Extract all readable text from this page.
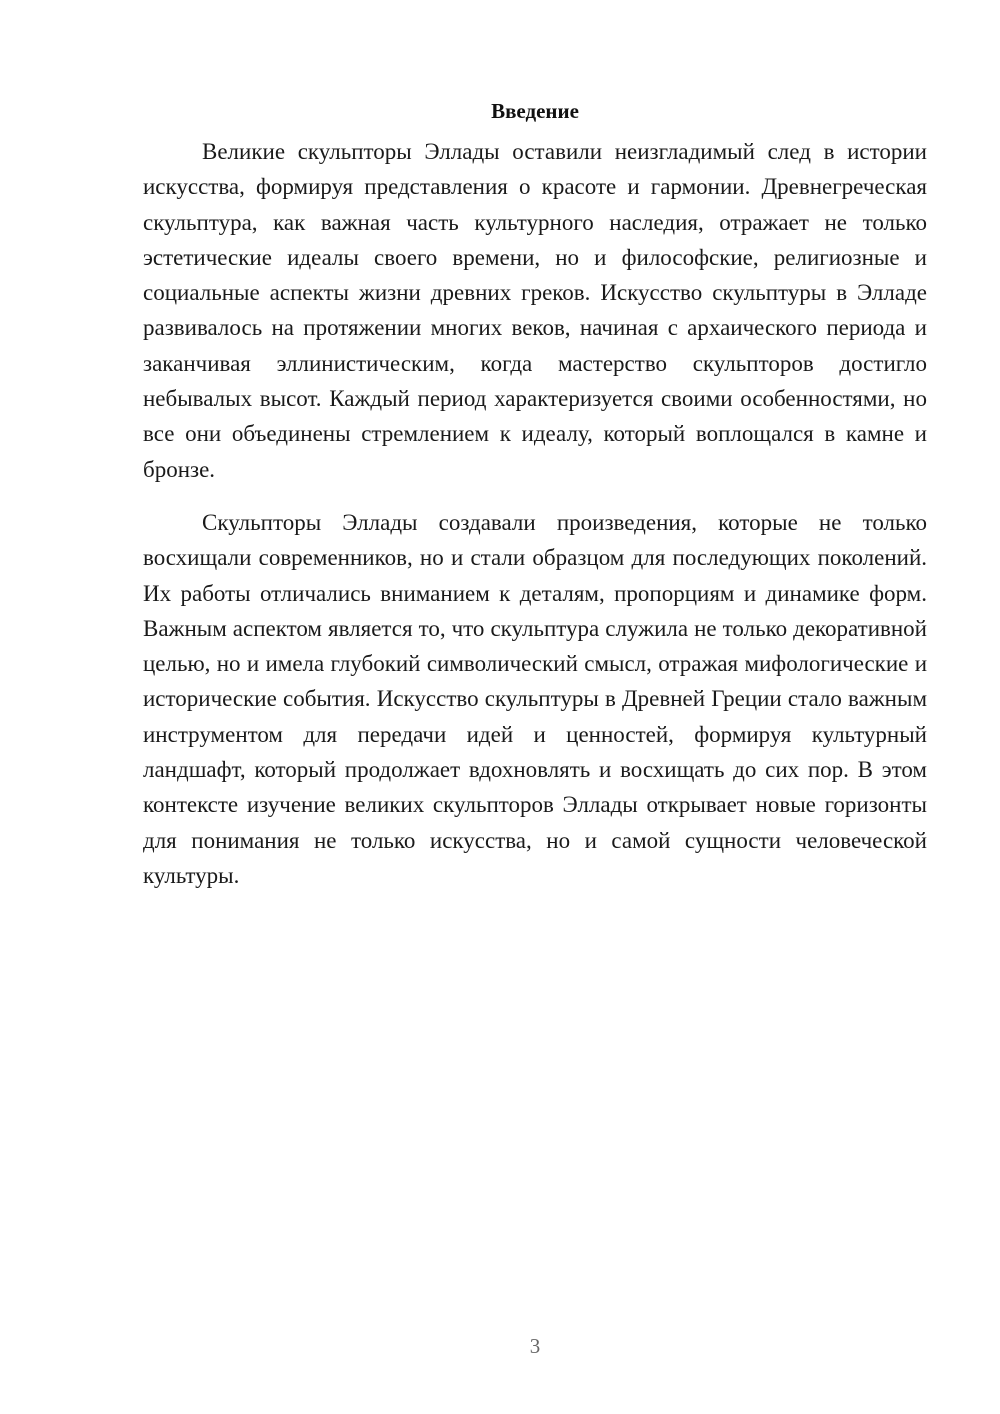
Введение

Великие скульпторы Эллады оставили неизгладимый след в истории искусства, формируя представления о красоте и гармонии. Древнегреческая скульптура, как важная часть культурного наследия, отражает не только эстетические идеалы своего времени, но и философские, религиозные и социальные аспекты жизни древних греков. Искусство скульптуры в Элладе развивалось на протяжении многих веков, начиная с архаического периода и заканчивая эллинистическим, когда мастерство скульпторов достигло небывалых высот. Каждый период характеризуется своими особенностями, но все они объединены стремлением к идеалу, который воплощался в камне и бронзе.

Скульпторы Эллады создавали произведения, которые не только восхищали современников, но и стали образцом для последующих поколений. Их работы отличались вниманием к деталям, пропорциям и динамике форм. Важным аспектом является то, что скульптура служила не только декоративной целью, но и имела глубокий символический смысл, отражая мифологические и исторические события. Искусство скульптуры в Древней Греции стало важным инструментом для передачи идей и ценностей, формируя культурный ландшафт, который продолжает вдохновлять и восхищать до сих пор. В этом контексте изучение великих скульпторов Эллады открывает новые горизонты для понимания не только искусства, но и самой сущности человеческой культуры.

3
